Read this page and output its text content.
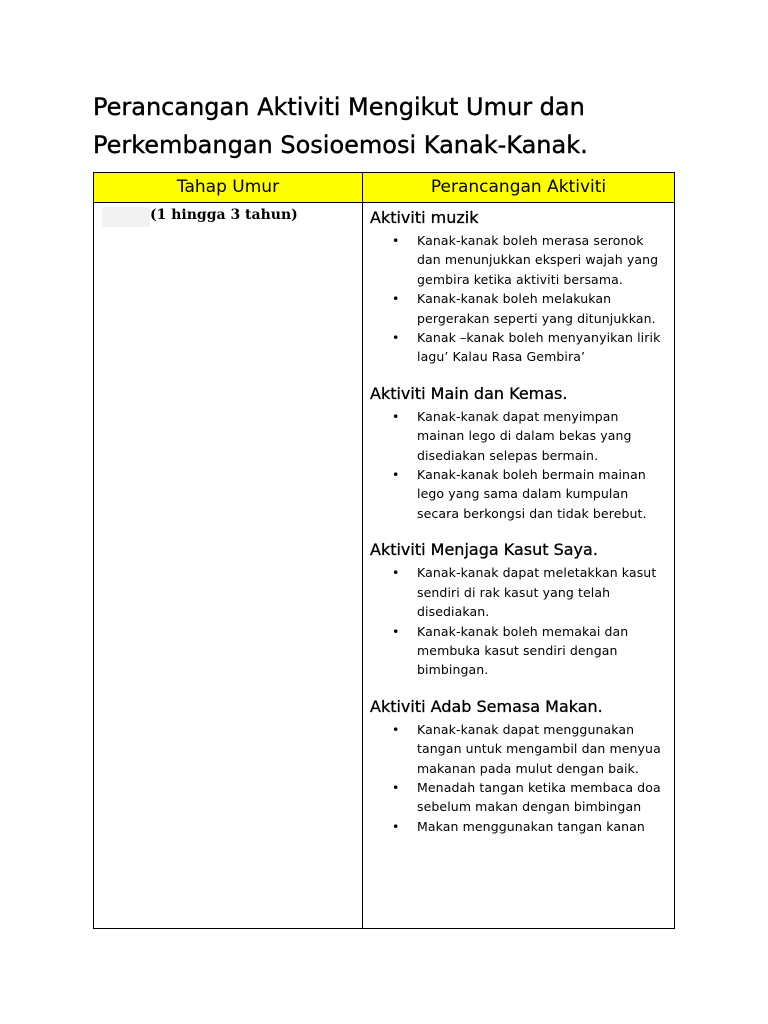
Perancangan Aktiviti Mengikut Umur dan
Perkembangan Sosioemosi Kanak-Kanak.
Tahap Umur	Perancangan Aktiviti
(1 hingga 3 tahun)	Aktiviti muzik
• Kanak-kanak boleh merasa seronok dan menunjukkan eksperi wajah yang gembira ketika aktiviti bersama.
• Kanak-kanak boleh melakukan pergerakan seperti yang ditunjukkan.
• Kanak –kanak boleh menyanyikan lirik lagu’ Kalau Rasa Gembira’
Aktiviti Main dan Kemas.
• Kanak-kanak dapat menyimpan mainan lego di dalam bekas yang disediakan selepas bermain.
• Kanak-kanak boleh bermain mainan lego yang sama dalam kumpulan secara berkongsi dan tidak berebut.
Aktiviti Menjaga Kasut Saya.
• Kanak-kanak dapat meletakkan kasut sendiri di rak kasut yang telah disediakan.
• Kanak-kanak boleh memakai dan membuka kasut sendiri dengan bimbingan.
Aktiviti Adab Semasa Makan.
• Kanak-kanak dapat menggunakan tangan untuk mengambil dan menyua makanan pada mulut dengan baik.
• Menadah tangan ketika membaca doa sebelum makan dengan bimbingan
• Makan menggunakan tangan kanan
